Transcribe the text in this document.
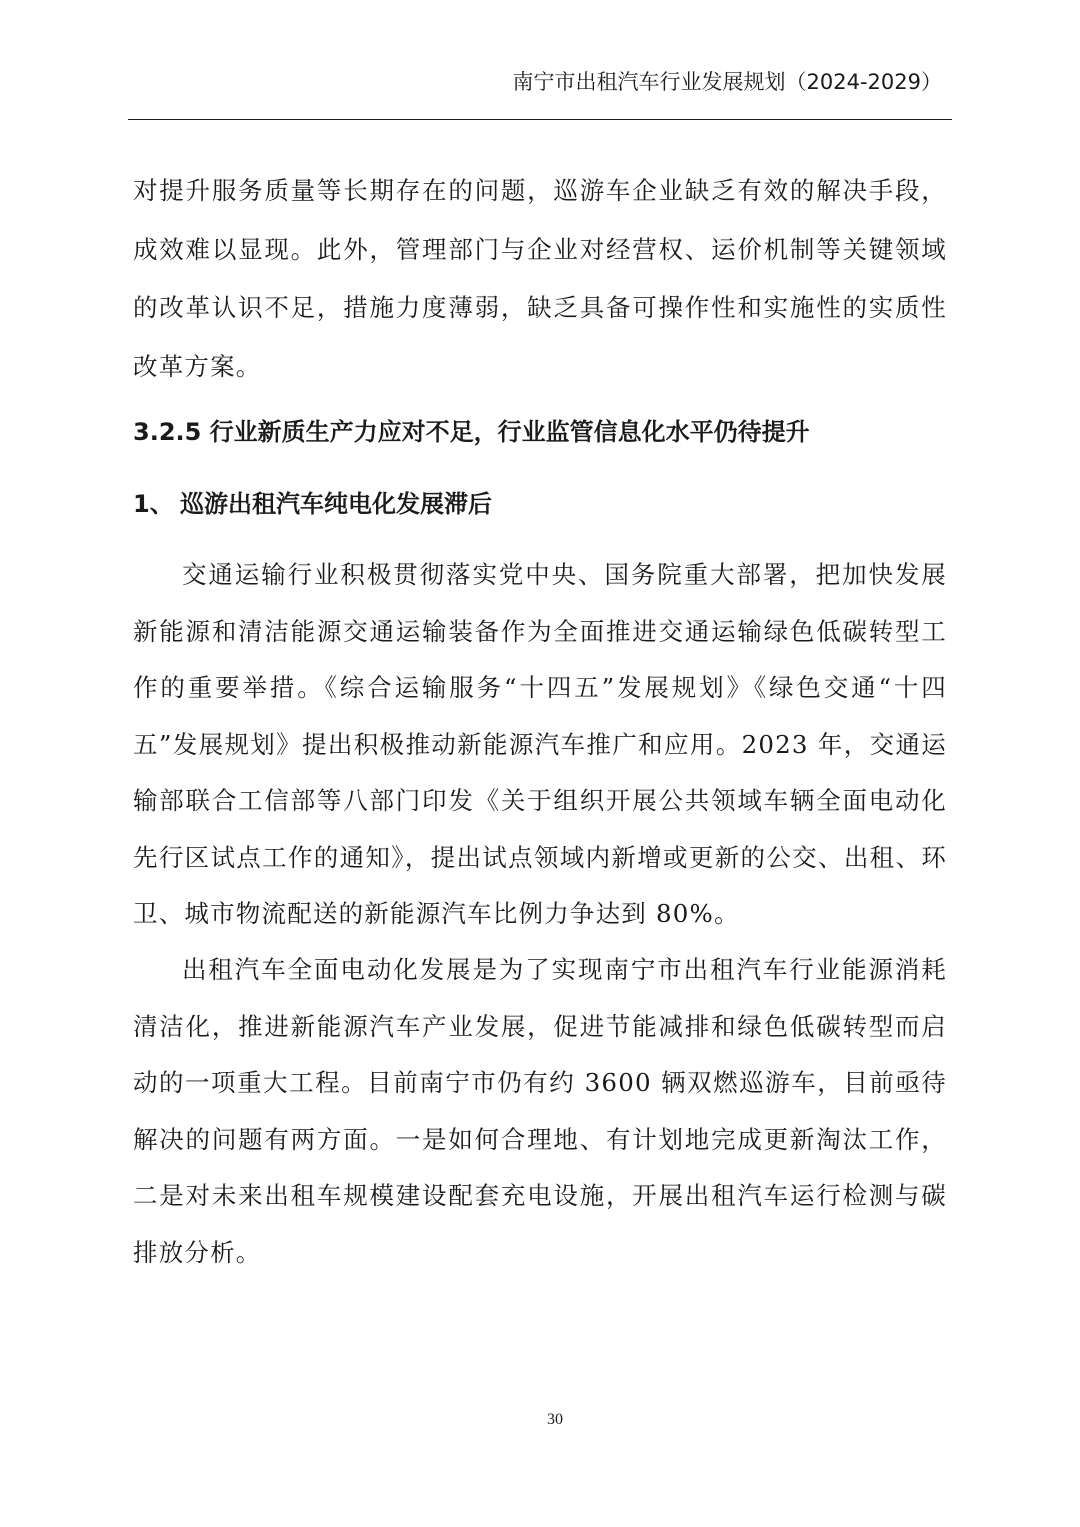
南宁市出租汽车行业发展规划（2024-2029）
对提升服务质量等长期存在的问题，巡游车企业缺乏有效的解决手段，成效难以显现。此外，管理部门与企业对经营权、运价机制等关键领域的改革认识不足，措施力度薄弱，缺乏具备可操作性和实施性的实质性改革方案。
3.2.5 行业新质生产力应对不足，行业监管信息化水平仍待提升
1、 巡游出租汽车纯电化发展滞后
交通运输行业积极贯彻落实党中央、国务院重大部署，把加快发展新能源和清洁能源交通运输装备作为全面推进交通运输绿色低碳转型工作的重要举措。《综合运输服务“十四五”发展规划》《绿色交通“十四五”发展规划》提出积极推动新能源汽车推广和应用。2023 年，交通运输部联合工信部等八部门印发《关于组织开展公共领域车辆全面电动化先行区试点工作的通知》，提出试点领域内新增或更新的公交、出租、环卫、城市物流配送的新能源汽车比例力争达到 80%。
出租汽车全面电动化发展是为了实现南宁市出租汽车行业能源消耗清洁化，推进新能源汽车产业发展，促进节能减排和绿色低碳转型而启动的一项重大工程。目前南宁市仍有约 3600 辆双燃巡游车，目前亟待解决的问题有两方面。一是如何合理地、有计划地完成更新淘汰工作，二是对未来出租车规模建设配套充电设施，开展出租汽车运行检测与碳排放分析。
30
